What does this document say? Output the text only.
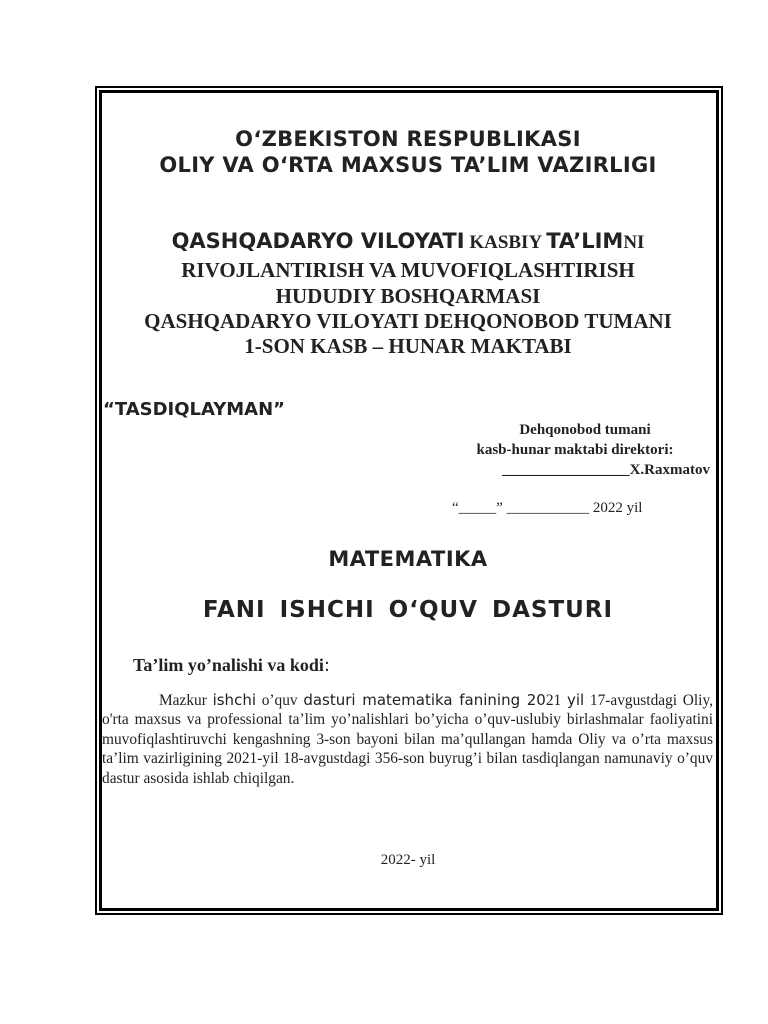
O‘ZBEKISTON RESPUBLIKASI
OLIY VA O‘RTA MAXSUS TA’LIM VAZIRLIGI
QASHQADARYO VILOYATI KASBIY TA’LIMNI
RIVOJLANTIRISH VA MUVOFIQLASHTIRISH
HUDUDIY BOSHQARMASI
QASHQADARYO VILOYATI DEHQONOBOD TUMANI
1-SON KASB – HUNAR MAKTABI
“TASDIQLAYMAN”
Dehqonobod tumani
kasb-hunar maktabi direktori:
_________________X.Raxmatov
“_____” ___________ 2022 yil
MATEMATIKA
FANI ISHCHI O‘QUV DASTURI
Ta’lim yo’nalishi va kodi:
Mazkur ishchi o’quv dasturi matematika fanining 2021 yil 17-avgustdagi Oliy, o'rta maxsus va professional ta’lim yo’nalishlari bo’yicha o’quv-uslubiy birlashmalar faoliyatini muvofiqlashtiruvchi kengashning 3-son bayoni bilan ma’qullangan hamda Oliy va o’rta maxsus ta’lim vazirligining 2021-yil 18-avgustdagi 356-son buyrug’i bilan tasdiqlangan namunaviy o’quv dastur asosida ishlab chiqilgan.
2022- yil
